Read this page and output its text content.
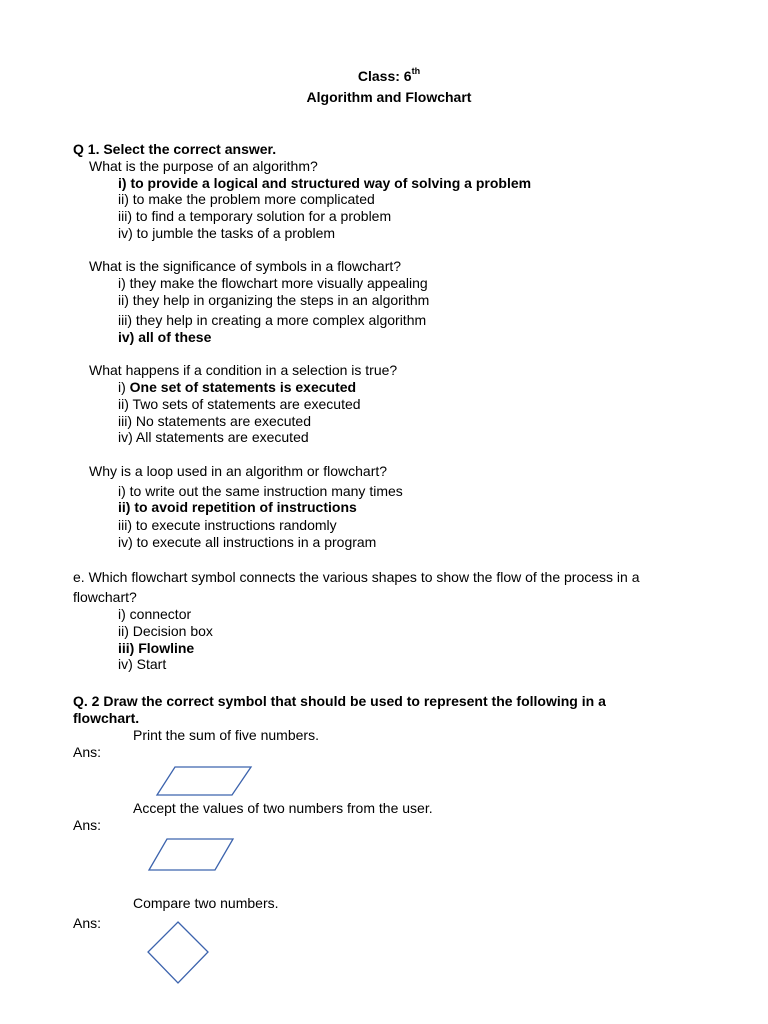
Class: 6th
Algorithm and Flowchart
Q 1. Select the correct answer.
What is the purpose of an algorithm?
i) to provide a logical and structured way of solving a problem
ii) to make the problem more complicated
iii) to find a temporary solution for a problem
iv) to jumble the tasks of a problem
What is the significance of symbols in a flowchart?
i) they make the flowchart more visually appealing
ii) they help in organizing the steps in an algorithm
iii) they help in creating a more complex algorithm
iv) all of these
What happens if a condition in a selection is true?
i) One set of statements is executed
ii) Two sets of statements are executed
iii) No statements are executed
iv) All statements are executed
Why is a loop used in an algorithm or flowchart?
i) to write out the same instruction many times
ii) to avoid repetition of instructions
iii) to execute instructions randomly
iv) to execute all instructions in a program
e. Which flowchart symbol connects the various shapes to show the flow of the process in a
flowchart?
i) connector
ii) Decision box
iii) Flowline
iv) Start
Q. 2 Draw the correct symbol that should be used to represent the following in a
flowchart.
Print the sum of five numbers.
Ans:
Accept the values of two numbers from the user.
Ans:
Compare two numbers.
Ans:
